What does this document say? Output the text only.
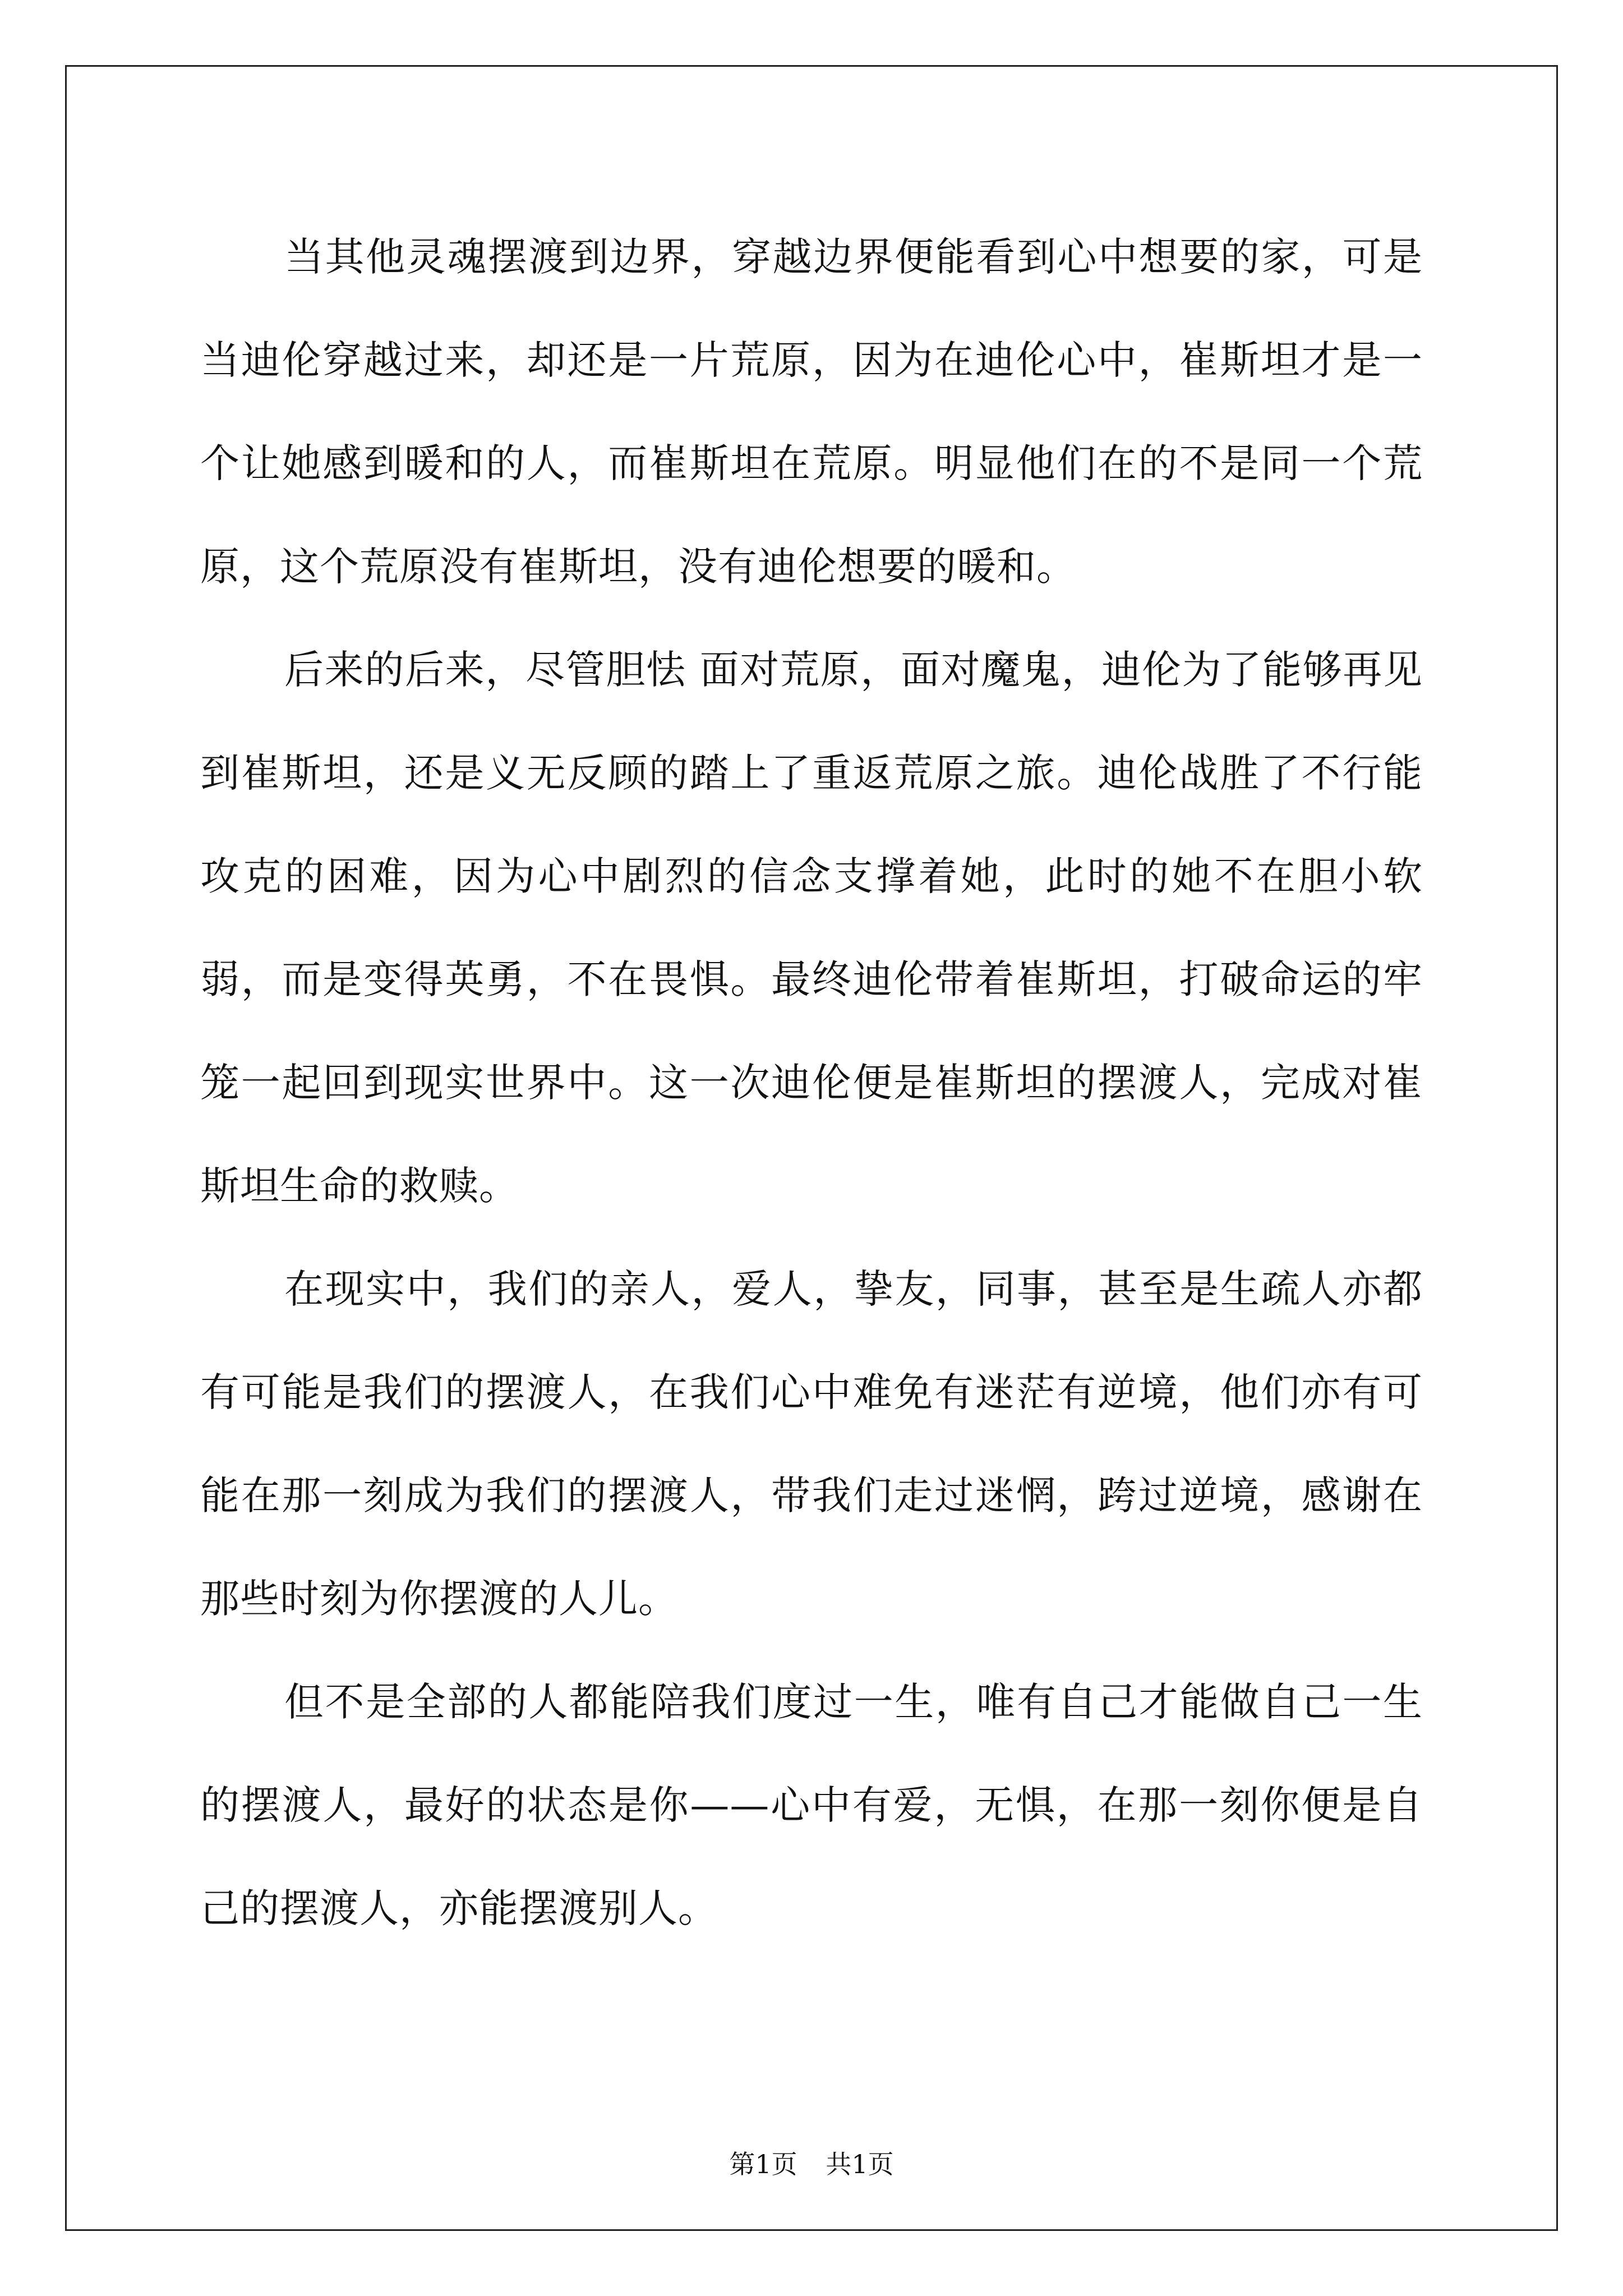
当其他灵魂摆渡到边界，穿越边界便能看到心中想要的家，可是当迪伦穿越过来，却还是一片荒原，因为在迪伦心中，崔斯坦才是一个让她感到暖和的人，而崔斯坦在荒原。明显他们在的不是同一个荒原，这个荒原没有崔斯坦，没有迪伦想要的暖和。

后来的后来，尽管胆怯 面对荒原，面对魔鬼，迪伦为了能够再见到崔斯坦，还是义无反顾的踏上了重返荒原之旅。迪伦战胜了不行能攻克的困难，因为心中剧烈的信念支撑着她，此时的她不在胆小软弱，而是变得英勇，不在畏惧。最终迪伦带着崔斯坦，打破命运的牢笼一起回到现实世界中。这一次迪伦便是崔斯坦的摆渡人，完成对崔斯坦生命的救赎。

在现实中，我们的亲人，爱人，挚友，同事，甚至是生疏人亦都有可能是我们的摆渡人，在我们心中难免有迷茫有逆境，他们亦有可能在那一刻成为我们的摆渡人，带我们走过迷惘，跨过逆境，感谢在那些时刻为你摆渡的人儿。

但不是全部的人都能陪我们度过一生，唯有自己才能做自己一生的摆渡人，最好的状态是你——心中有爱，无惧，在那一刻你便是自己的摆渡人，亦能摆渡别人。

第1页 共1页
